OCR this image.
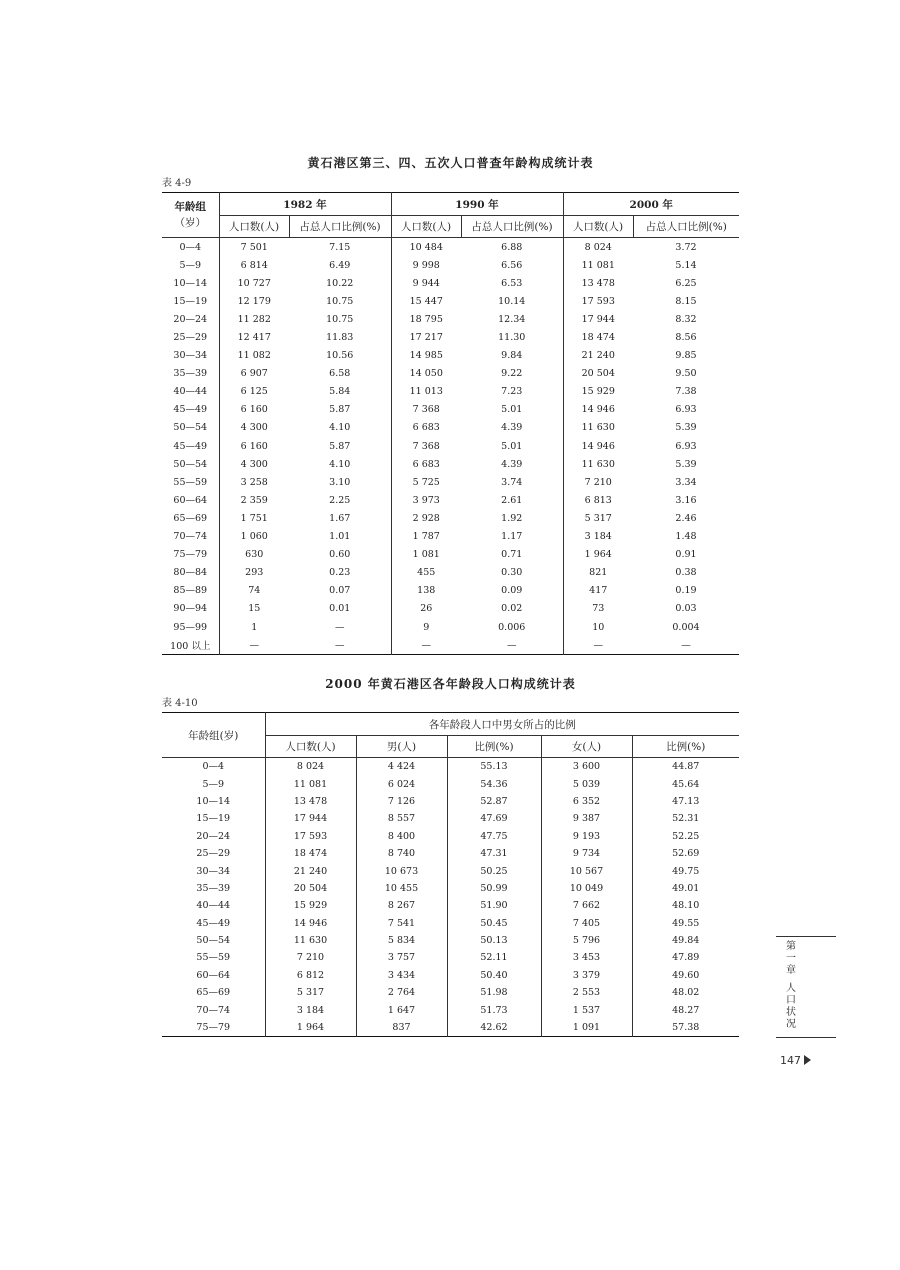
黄石港区第三、四、五次人口普查年龄构成统计表
表 4-9
年龄组
（岁）	1982 年		1990 年		2000 年	
	人口数(人)	占总人口比例(%)	人口数(人)	占总人口比例(%)	人口数(人)	占总人口比例(%)
0—4	7 501	7.15	10 484	6.88	8 024	3.72
5—9	6 814	6.49	9 998	6.56	11 081	5.14
10—14	10 727	10.22	9 944	6.53	13 478	6.25
15—19	12 179	10.75	15 447	10.14	17 593	8.15
20—24	11 282	10.75	18 795	12.34	17 944	8.32
25—29	12 417	11.83	17 217	11.30	18 474	8.56
30—34	11 082	10.56	14 985	9.84	21 240	9.85
35—39	6 907	6.58	14 050	9.22	20 504	9.50
40—44	6 125	5.84	11 013	7.23	15 929	7.38
45—49	6 160	5.87	7 368	5.01	14 946	6.93
50—54	4 300	4.10	6 683	4.39	11 630	5.39
45—49	6 160	5.87	7 368	5.01	14 946	6.93
50—54	4 300	4.10	6 683	4.39	11 630	5.39
55—59	3 258	3.10	5 725	3.74	7 210	3.34
60—64	2 359	2.25	3 973	2.61	6 813	3.16
65—69	1 751	1.67	2 928	1.92	5 317	2.46
70—74	1 060	1.01	1 787	1.17	3 184	1.48
75—79	630	0.60	1 081	0.71	1 964	0.91
80—84	293	0.23	455	0.30	821	0.38
85—89	74	0.07	138	0.09	417	0.19
90—94	15	0.01	26	0.02	73	0.03
95—99	1	—	9	0.006	10	0.004
100 以上	—	—	—	—	—	—
2000 年黄石港区各年龄段人口构成统计表
表 4-10
年龄组(岁)	各年龄段人口中男女所占的比例				
	人口数(人)	男(人)	比例(%)	女(人)	比例(%)
0—4	8 024	4 424	55.13	3 600	44.87
5—9	11 081	6 024	54.36	5 039	45.64
10—14	13 478	7 126	52.87	6 352	47.13
15—19	17 944	8 557	47.69	9 387	52.31
20—24	17 593	8 400	47.75	9 193	52.25
25—29	18 474	8 740	47.31	9 734	52.69
30—34	21 240	10 673	50.25	10 567	49.75
35—39	20 504	10 455	50.99	10 049	49.01
40—44	15 929	8 267	51.90	7 662	48.10
45—49	14 946	7 541	50.45	7 405	49.55
50—54	11 630	5 834	50.13	5 796	49.84
55—59	7 210	3 757	52.11	3 453	47.89
60—64	6 812	3 434	50.40	3 379	49.60
65—69	5 317	2 764	51.98	2 553	48.02
70—74	3 184	1 647	51.73	1 537	48.27
75—79	1 964	837	42.62	1 091	57.38
第一章
人口状况
147
